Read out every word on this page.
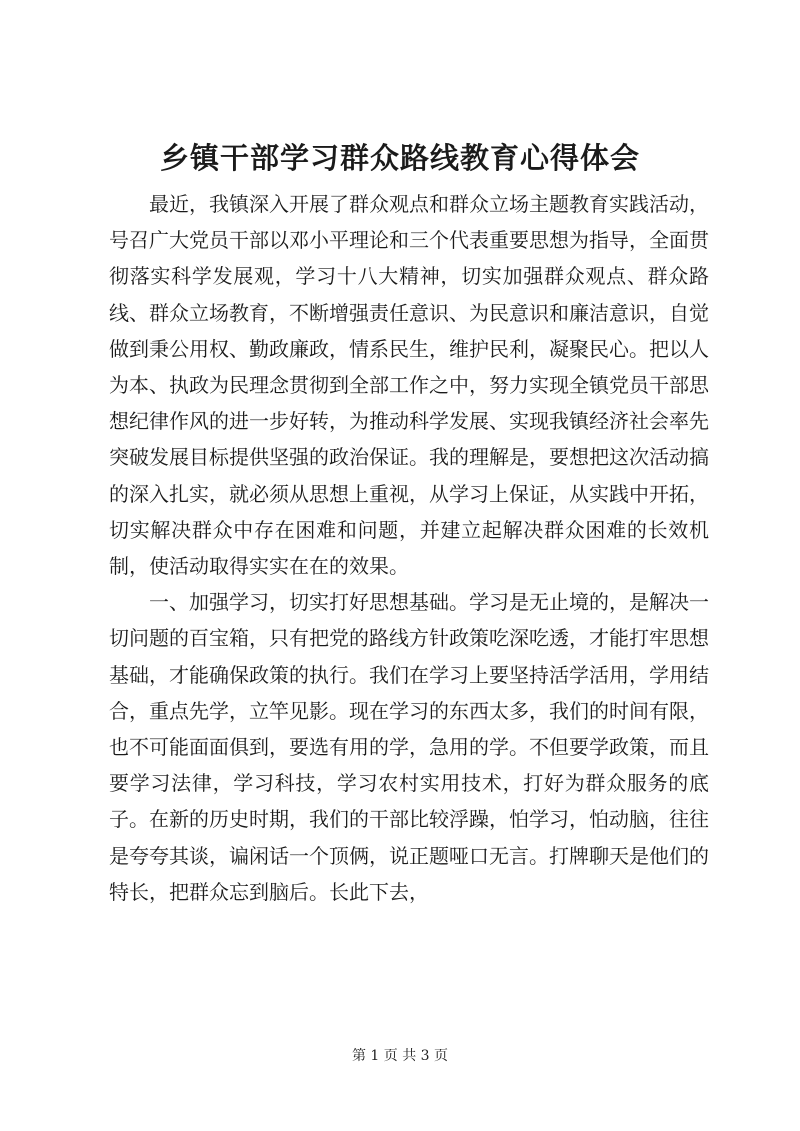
乡镇干部学习群众路线教育心得体会

最近，我镇深入开展了群众观点和群众立场主题教育实践活动，号召广大党员干部以邓小平理论和三个代表重要思想为指导，全面贯彻落实科学发展观，学习十八大精神，切实加强群众观点、群众路线、群众立场教育，不断增强责任意识、为民意识和廉洁意识，自觉做到秉公用权、勤政廉政，情系民生，维护民利，凝聚民心。把以人为本、执政为民理念贯彻到全部工作之中，努力实现全镇党员干部思想纪律作风的进一步好转，为推动科学发展、实现我镇经济社会率先突破发展目标提供坚强的政治保证。我的理解是，要想把这次活动搞的深入扎实，就必须从思想上重视，从学习上保证，从实践中开拓，切实解决群众中存在困难和问题，并建立起解决群众困难的长效机制，使活动取得实实在在的效果。

一、加强学习，切实打好思想基础。学习是无止境的，是解决一切问题的百宝箱，只有把党的路线方针政策吃深吃透，才能打牢思想基础，才能确保政策的执行。我们在学习上要坚持活学活用，学用结合，重点先学，立竿见影。现在学习的东西太多，我们的时间有限，也不可能面面俱到，要选有用的学，急用的学。不但要学政策，而且要学习法律，学习科技，学习农村实用技术，打好为群众服务的底子。在新的历史时期，我们的干部比较浮躁，怕学习，怕动脑，往往是夸夸其谈，谝闲话一个顶俩，说正题哑口无言。打牌聊天是他们的特长，把群众忘到脑后。长此下去，

第 1 页 共 3 页
